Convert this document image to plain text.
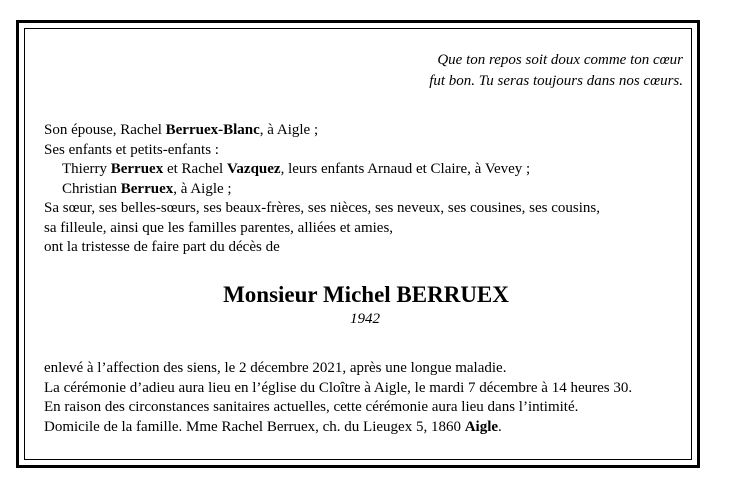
Que ton repos soit doux comme ton cœur
fut bon. Tu seras toujours dans nos cœurs.
Son épouse, Rachel Berruex-Blanc, à Aigle ;
Ses enfants et petits-enfants :
Thierry Berruex et Rachel Vazquez, leurs enfants Arnaud et Claire, à Vevey ;
Christian Berruex, à Aigle ;
Sa sœur, ses belles-sœurs, ses beaux-frères, ses nièces, ses neveux, ses cousines, ses cousins,
sa filleule, ainsi que les familles parentes, alliées et amies,
ont la tristesse de faire part du décès de
Monsieur Michel BERRUEX
1942
enlevé à l’affection des siens, le 2 décembre 2021, après une longue maladie.
La cérémonie d’adieu aura lieu en l’église du Cloître à Aigle, le mardi 7 décembre à 14 heures 30.
En raison des circonstances sanitaires actuelles, cette cérémonie aura lieu dans l’intimité.
Domicile de la famille. Mme Rachel Berruex, ch. du Lieugex 5, 1860 Aigle.
